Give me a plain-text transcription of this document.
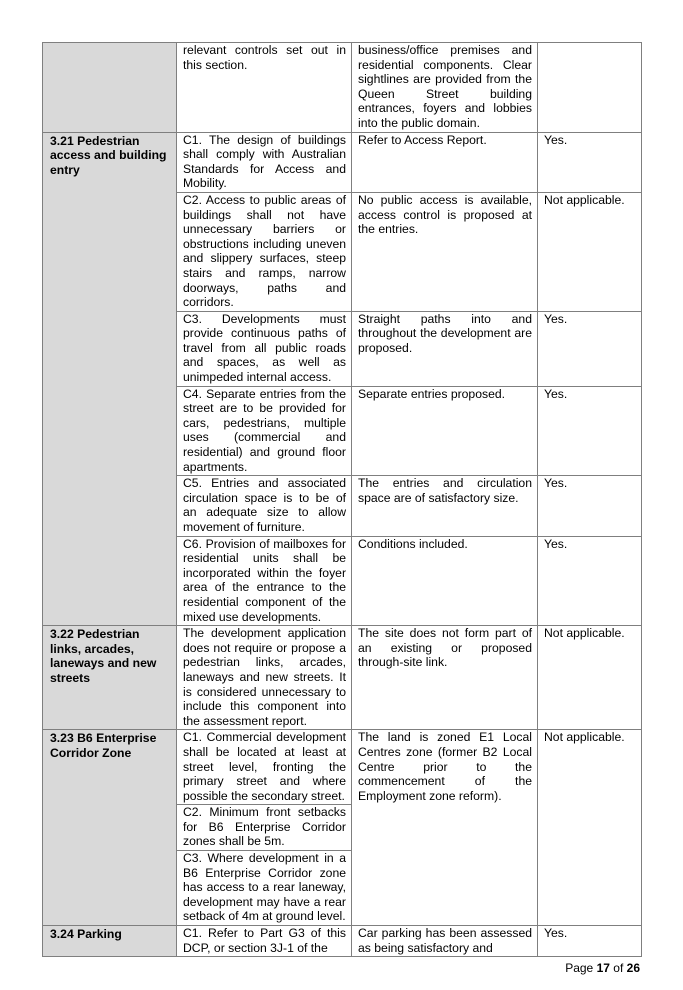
	relevant controls set out in this section.	business/office premises and residential components. Clear sightlines are provided from the Queen Street building entrances, foyers and lobbies into the public domain.	
3.21 Pedestrian access and building entry	C1. The design of buildings shall comply with Australian Standards for Access and Mobility.	Refer to Access Report.	Yes.
	C2. Access to public areas of buildings shall not have unnecessary barriers or obstructions including uneven and slippery surfaces, steep stairs and ramps, narrow doorways, paths and corridors.	No public access is available, access control is proposed at the entries.	Not applicable.
	C3. Developments must provide continuous paths of travel from all public roads and spaces, as well as unimpeded internal access.	Straight paths into and throughout the development are proposed.	Yes.
	C4. Separate entries from the street are to be provided for cars, pedestrians, multiple uses (commercial and residential) and ground floor apartments.	Separate entries proposed.	Yes.
	C5. Entries and associated circulation space is to be of an adequate size to allow movement of furniture.	The entries and circulation space are of satisfactory size.	Yes.
	C6. Provision of mailboxes for residential units shall be incorporated within the foyer area of the entrance to the residential component of the mixed use developments.	Conditions included.	Yes.
3.22 Pedestrian links, arcades, laneways and new streets	The development application does not require or propose a pedestrian links, arcades, laneways and new streets. It is considered unnecessary to include this component into the assessment report.	The site does not form part of an existing or proposed through-site link.	Not applicable.
3.23 B6 Enterprise Corridor Zone	C1. Commercial development shall be located at least at street level, fronting the primary street and where possible the secondary street.	The land is zoned E1 Local Centres zone (former B2 Local Centre prior to the commencement of the Employment zone reform).	Not applicable.
	C2. Minimum front setbacks for B6 Enterprise Corridor zones shall be 5m.		
	C3. Where development in a B6 Enterprise Corridor zone has access to a rear laneway, development may have a rear setback of 4m at ground level.		
3.24 Parking	C1. Refer to Part G3 of this DCP, or section 3J-1 of the	Car parking has been assessed as being satisfactory and	Yes.
Page 17 of 26
